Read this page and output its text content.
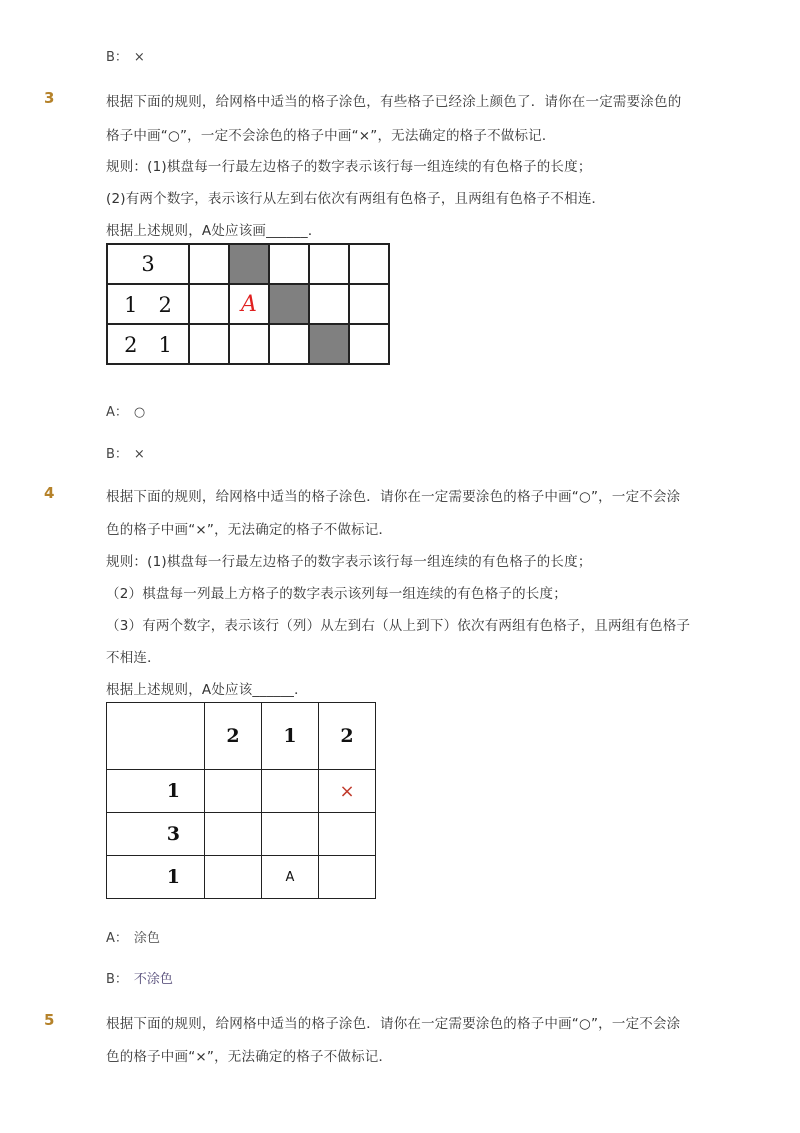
B： ×
3	根据下面的规则，给网格中适当的格子涂色，有些格子已经涂上颜色了．请你在一定需要涂色的
格子中画“○”，一定不会涂色的格子中画“×”，无法确定的格子不做标记．
规则：(1)棋盘每一行最左边格子的数字表示该行每一组连续的有色格子的长度；
(2)有两个数字，表示该行从左到右依次有两组有色格子，且两组有色格子不相连．
根据上述规则，A处应该画______．
3					
1　2		A			
2　1					
A： ○
B： ×
4	根据下面的规则，给网格中适当的格子涂色．请你在一定需要涂色的格子中画“○”，一定不会涂
色的格子中画“×”，无法确定的格子不做标记．
规则：(1)棋盘每一行最左边格子的数字表示该行每一组连续的有色格子的长度；
（2）棋盘每一列最上方格子的数字表示该列每一组连续的有色格子的长度；
（3）有两个数字，表示该行（列）从左到右（从上到下）依次有两组有色格子，且两组有色格子
不相连．
根据上述规则，A处应该______．
	2	1	2
1			×
3			
1		A	
A： 涂色
B： 不涂色
5	根据下面的规则，给网格中适当的格子涂色．请你在一定需要涂色的格子中画“○”，一定不会涂
色的格子中画“×”，无法确定的格子不做标记．
